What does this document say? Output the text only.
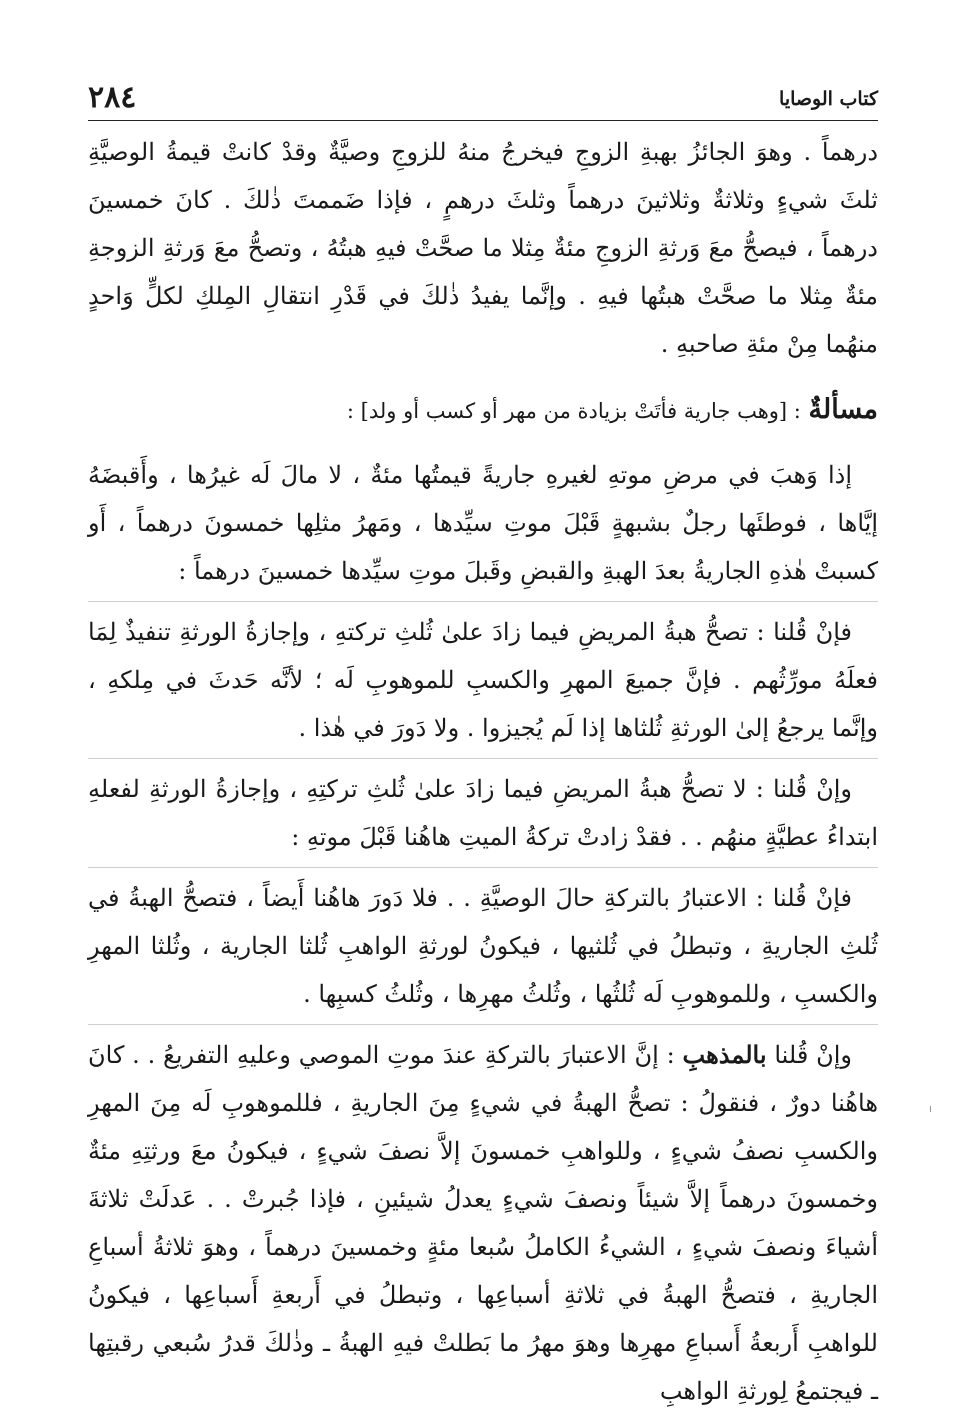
كتاب الوصايا
٢٨٤

درهماً . وهوَ الجائزُ بهبةِ الزوجِ فيخرجُ منهُ للزوجِ وصيَّةٌ وقدْ كانتْ قيمةُ الوصيَّةِ ثلثَ شيءٍ وثلاثةٌ وثلاثينَ درهماً وثلثَ درهمٍ ، فإذا ضَممتَ ذٰلكَ . كانَ خمسينَ درهماً ، فيصحُّ معَ وَرثةِ الزوجِ مئةٌ مِثلا ما صحَّتْ فيهِ هبتُهُ ، وتصحُّ معَ وَرثةِ الزوجةِ مئةٌ مِثلا ما صحَّتْ هبتُها فيهِ . وإنَّما يفيدُ ذٰلكَ في قَدْرِ انتقالِ المِلكِ لكلٍّ وَاحدٍ منهُما مِنْ مئةِ صاحبهِ .

مسألةٌ : [وهب جارية فأتَتْ بزيادة من مهر أو كسب أو ولد] :

إذا وَهبَ في مرضِ موتهِ لغيرهِ جاريةً قيمتُها مئةٌ ، لا مالَ لَه غيرُها ، وأَقبضَهُ إيَّاها ، فوطئَها رجلٌ بشبهةٍ قَبْلَ موتِ سيِّدها ، ومَهرُ مثلِها خمسونَ درهماً ، أَو كسبتْ هٰذهِ الجاريةُ بعدَ الهبةِ والقبضِ وقَبلَ موتِ سيِّدها خمسينَ درهماً :

فإنْ قُلنا : تصحُّ هبةُ المريضِ فيما زادَ علىٰ ثُلثِ تركتهِ ، وإجازةُ الورثةِ تنفيذٌ لِمَا فعلَهُ مورِّثُهم . فإنَّ جميعَ المهرِ والكسبِ للموهوبِ لَه ؛ لأنَّه حَدثَ في مِلكهِ ، وإنَّما يرجعُ إلىٰ الورثةِ ثُلثاها إذا لَم يُجيزوا . ولا دَورَ في هٰذا .

وإنْ قُلنا : لا تصحُّ هبةُ المريضِ فيما زادَ علىٰ ثُلثِ تركتِهِ ، وإجازةُ الورثةِ لفعلهِ ابتداءُ عطيَّةٍ منهُم . . فقدْ زادتْ تركةُ الميتِ هاهُنا قَبْلَ موتهِ :

فإنْ قُلنا : الاعتبارُ بالتركةِ حالَ الوصيَّةِ . . فلا دَورَ هاهُنا أَيضاً ، فتصحُّ الهبةُ في ثُلثِ الجاريةِ ، وتبطلُ في ثُلثيها ، فيكونُ لورثةِ الواهبِ ثُلثا الجارية ، وثُلثا المهرِ والكسبِ ، وللموهوبِ لَه ثُلثُها ، وثُلثُ مهرِها ، وثُلثُ كسبِها .

وإنْ قُلنا بالمذهبِ : إنَّ الاعتبارَ بالتركةِ عندَ موتِ الموصي وعليهِ التفريعُ . . كانَ هاهُنا دورٌ ، فنقولُ : تصحُّ الهبةُ في شيءٍ مِنَ الجاريةِ ، فللموهوبِ لَه مِنَ المهرِ والكسبِ نصفُ شيءٍ ، وللواهبِ خمسونَ إلاَّ نصفَ شيءٍ ، فيكونُ معَ ورثتِهِ مئةٌ وخمسونَ درهماً إلاَّ شيئاً ونصفَ شيءٍ يعدلُ شيئينِ ، فإذا جُبرتْ . . عَدلَتْ ثلاثةَ أشياءَ ونصفَ شيءٍ ، الشيءُ الكاملُ سُبعا مئةٍ وخمسينَ درهماً ، وهوَ ثلاثةُ أسباعِ الجاريةِ ، فتصحُّ الهبةُ في ثلاثةِ أسباعِها ، وتبطلُ في أَربعةِ أَسباعِها ، فيكونُ للواهبِ أَربعةُ أَسباعِ مهرِها وهوَ مهرُ ما بَطلتْ فيهِ الهبةُ ـ وذٰلكَ قدرُ سُبعي رقبتِها ـ فيجتمعُ لِورثةِ الواهبِ
